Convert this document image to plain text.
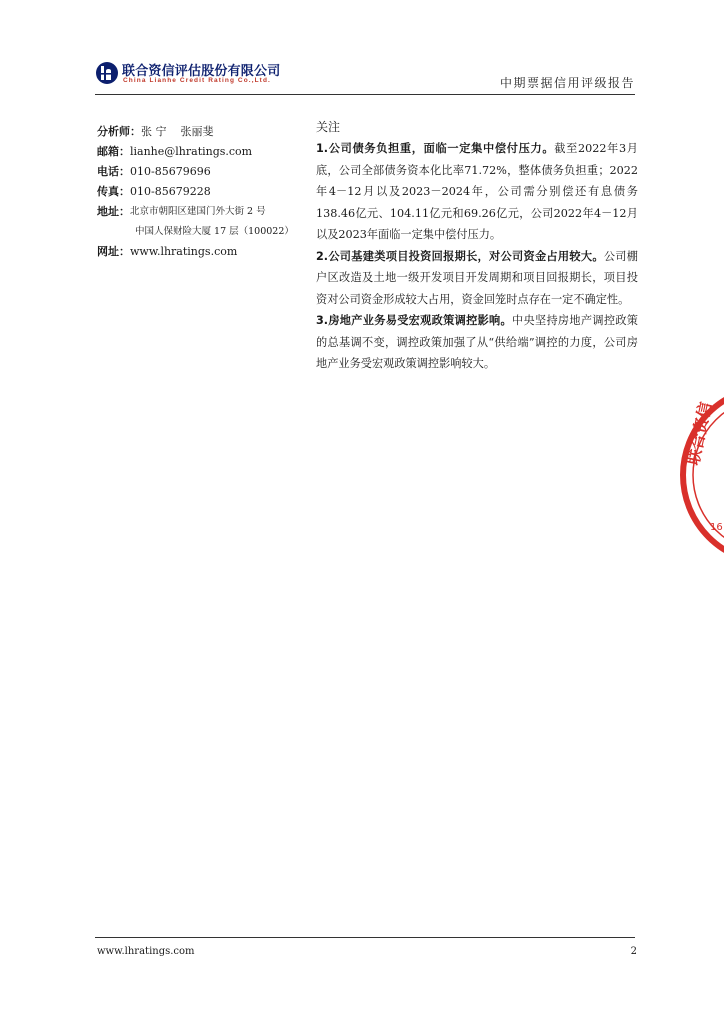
联合资信评估股份有限公司
China Lianhe Credit Rating Co.,Ltd.	中期票据信用评级报告
分析师： 张 宁    张丽斐
邮箱： lianhe@lhratings.com
电话： 010-85679696
传真： 010-85679228
地址： 北京市朝阳区建国门外大街 2 号
中国人保财险大厦 17 层（100022）
网址： www.lhratings.com
关注

1.公司债务负担重，面临一定集中偿付压力。截至2022年3月底，公司全部债务资本化比率71.72%，整体债务负担重；2022年4－12月以及2023－2024年，公司需分别偿还有息债务138.46亿元、104.11亿元和69.26亿元，公司2022年4－12月以及2023年面临一定集中偿付压力。

2.公司基建类项目投资回报期长，对公司资金占用较大。公司棚户区改造及土地一级开发项目开发周期和项目回报期长，项目投资对公司资金形成较大占用，资金回笼时点存在一定不确定性。

3.房地产业务易受宏观政策调控影响。中央坚持房地产调控政策的总基调不变，调控政策加强了从“供给端”调控的力度，公司房地产业务受宏观政策调控影响较大。

联合资信
16
www.lhratings.com	2
